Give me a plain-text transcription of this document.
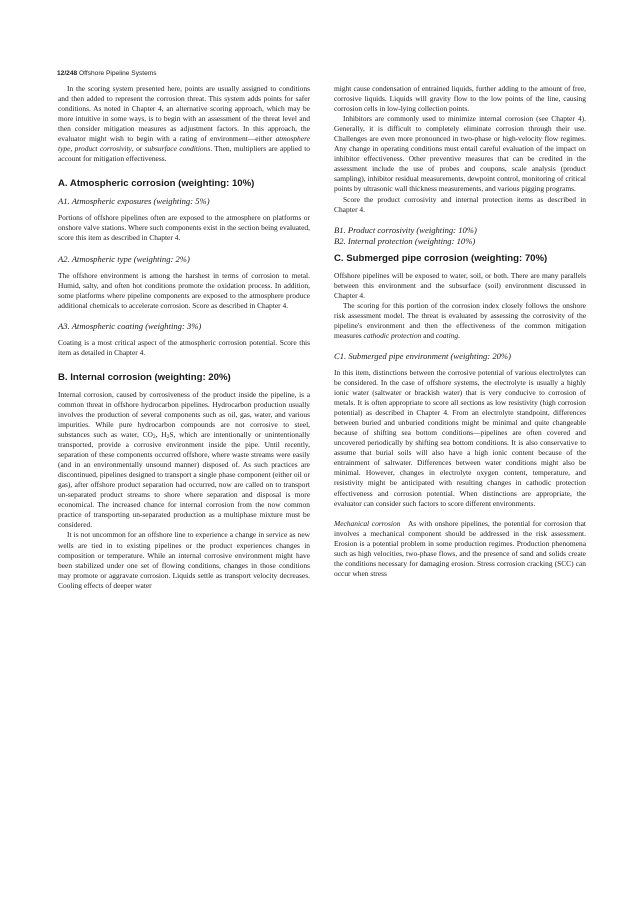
12/248 Offshore Pipeline Systems

In the scoring system presented here, points are usually assigned to conditions and then added to represent the corrosion threat. This system adds points for safer conditions. As noted in Chapter 4, an alternative scoring approach, which may be more intuitive in some ways, is to begin with an assessment of the threat level and then consider mitigation measures as adjustment factors. In this approach, the evaluator might wish to begin with a rating of environment—either atmosphere type, product corrosivity, or subsurface conditions. Then, multipliers are applied to account for mitigation effectiveness.

A. Atmospheric corrosion (weighting: 10%)
A1. Atmospheric exposures (weighting: 5%)

Portions of offshore pipelines often are exposed to the atmosphere on platforms or onshore valve stations. Where such components exist in the section being evaluated, score this item as described in Chapter 4.

A2. Atmospheric type (weighting: 2%)

The offshore environment is among the harshest in terms of corrosion to metal. Humid, salty, and often hot conditions promote the oxidation process. In addition, some platforms where pipeline components are exposed to the atmosphere produce additional chemicals to accelerate corrosion. Score as described in Chapter 4.

A3. Atmospheric coating (weighting: 3%)

Coating is a most critical aspect of the atmospheric corrosion potential. Score this item as detailed in Chapter 4.

B. Internal corrosion (weighting: 20%)

Internal corrosion, caused by corrosiveness of the product inside the pipeline, is a common threat in offshore hydrocarbon pipelines. Hydrocarbon production usually involves the production of several components such as oil, gas, water, and various impurities. While pure hydrocarbon compounds are not corrosive to steel, substances such as water, $CO_2$, $H_2S$, which are intentionally or unintentionally transported, provide a corrosive environment inside the pipe. Until recently, separation of these components occurred offshore, where waste streams were easily (and in an environmentally unsound manner) disposed of. As such practices are discontinued, pipelines designed to transport a single phase component (either oil or gas), after offshore product separation had occurred, now are called on to transport un-separated product streams to shore where separation and disposal is more economical. The increased chance for internal corrosion from the now common practice of transporting un-separated production as a multiphase mixture must be considered.

It is not uncommon for an offshore line to experience a change in service as new wells are tied in to existing pipelines or the product experiences changes in composition or temperature. While an internal corrosive environment might have been stabilized under one set of flowing conditions, changes in those conditions may promote or aggravate corrosion. Liquids settle as transport velocity decreases. Cooling effects of deeper water

might cause condensation of entrained liquids, further adding to the amount of free, corrosive liquids. Liquids will gravity flow to the low points of the line, causing corrosion cells in low-lying collection points.

Inhibitors are commonly used to minimize internal corrosion (see Chapter 4). Generally, it is difficult to completely eliminate corrosion through their use. Challenges are even more pronounced in two-phase or high-velocity flow regimes. Any change in operating conditions must entail careful evaluation of the impact on inhibitor effectiveness. Other preventive measures that can be credited in the assessment include the use of probes and coupons, scale analysis (product sampling), inhibitor residual measurements, dewpoint control, monitoring of critical points by ultrasonic wall thickness measurements, and various pigging programs.

Score the product corrosivity and internal protection items as described in Chapter 4.

B1. Product corrosivity (weighting: 10%)
B2. Internal protection (weighting: 10%)
C. Submerged pipe corrosion (weighting: 70%)

Offshore pipelines will be exposed to water, soil, or both. There are many parallels between this environment and the subsurface (soil) environment discussed in Chapter 4.

The scoring for this portion of the corrosion index closely follows the onshore risk assessment model. The threat is evaluated by assessing the corrosivity of the pipeline's environment and then the effectiveness of the common mitigation measures cathodic protection and coating.

C1. Submerged pipe environment (weighting: 20%)

In this item, distinctions between the corrosive potential of various electrolytes can be considered. In the case of offshore systems, the electrolyte is usually a highly ionic water (saltwater or brackish water) that is very conducive to corrosion of metals. It is often appropriate to score all sections as low resistivity (high corrosion potential) as described in Chapter 4. From an electrolyte standpoint, differences between buried and unburied conditions might be minimal and quite changeable because of shifting sea bottom conditions—pipelines are often covered and uncovered periodically by shifting sea bottom conditions. It is also conservative to assume that burial soils will also have a high ionic content because of the entrainment of saltwater. Differences between water conditions might also be minimal. However, changes in electrolyte oxygen content, temperature, and resistivity might be anticipated with resulting changes in cathodic protection effectiveness and corrosion potential. When distinctions are appropriate, the evaluator can consider such factors to score different environments.

Mechanical corrosion As with onshore pipelines, the potential for corrosion that involves a mechanical component should be addressed in the risk assessment. Erosion is a potential problem in some production regimes. Production phenomena such as high velocities, two-phase flows, and the presence of sand and solids create the conditions necessary for damaging erosion. Stress corrosion cracking (SCC) can occur when stress
